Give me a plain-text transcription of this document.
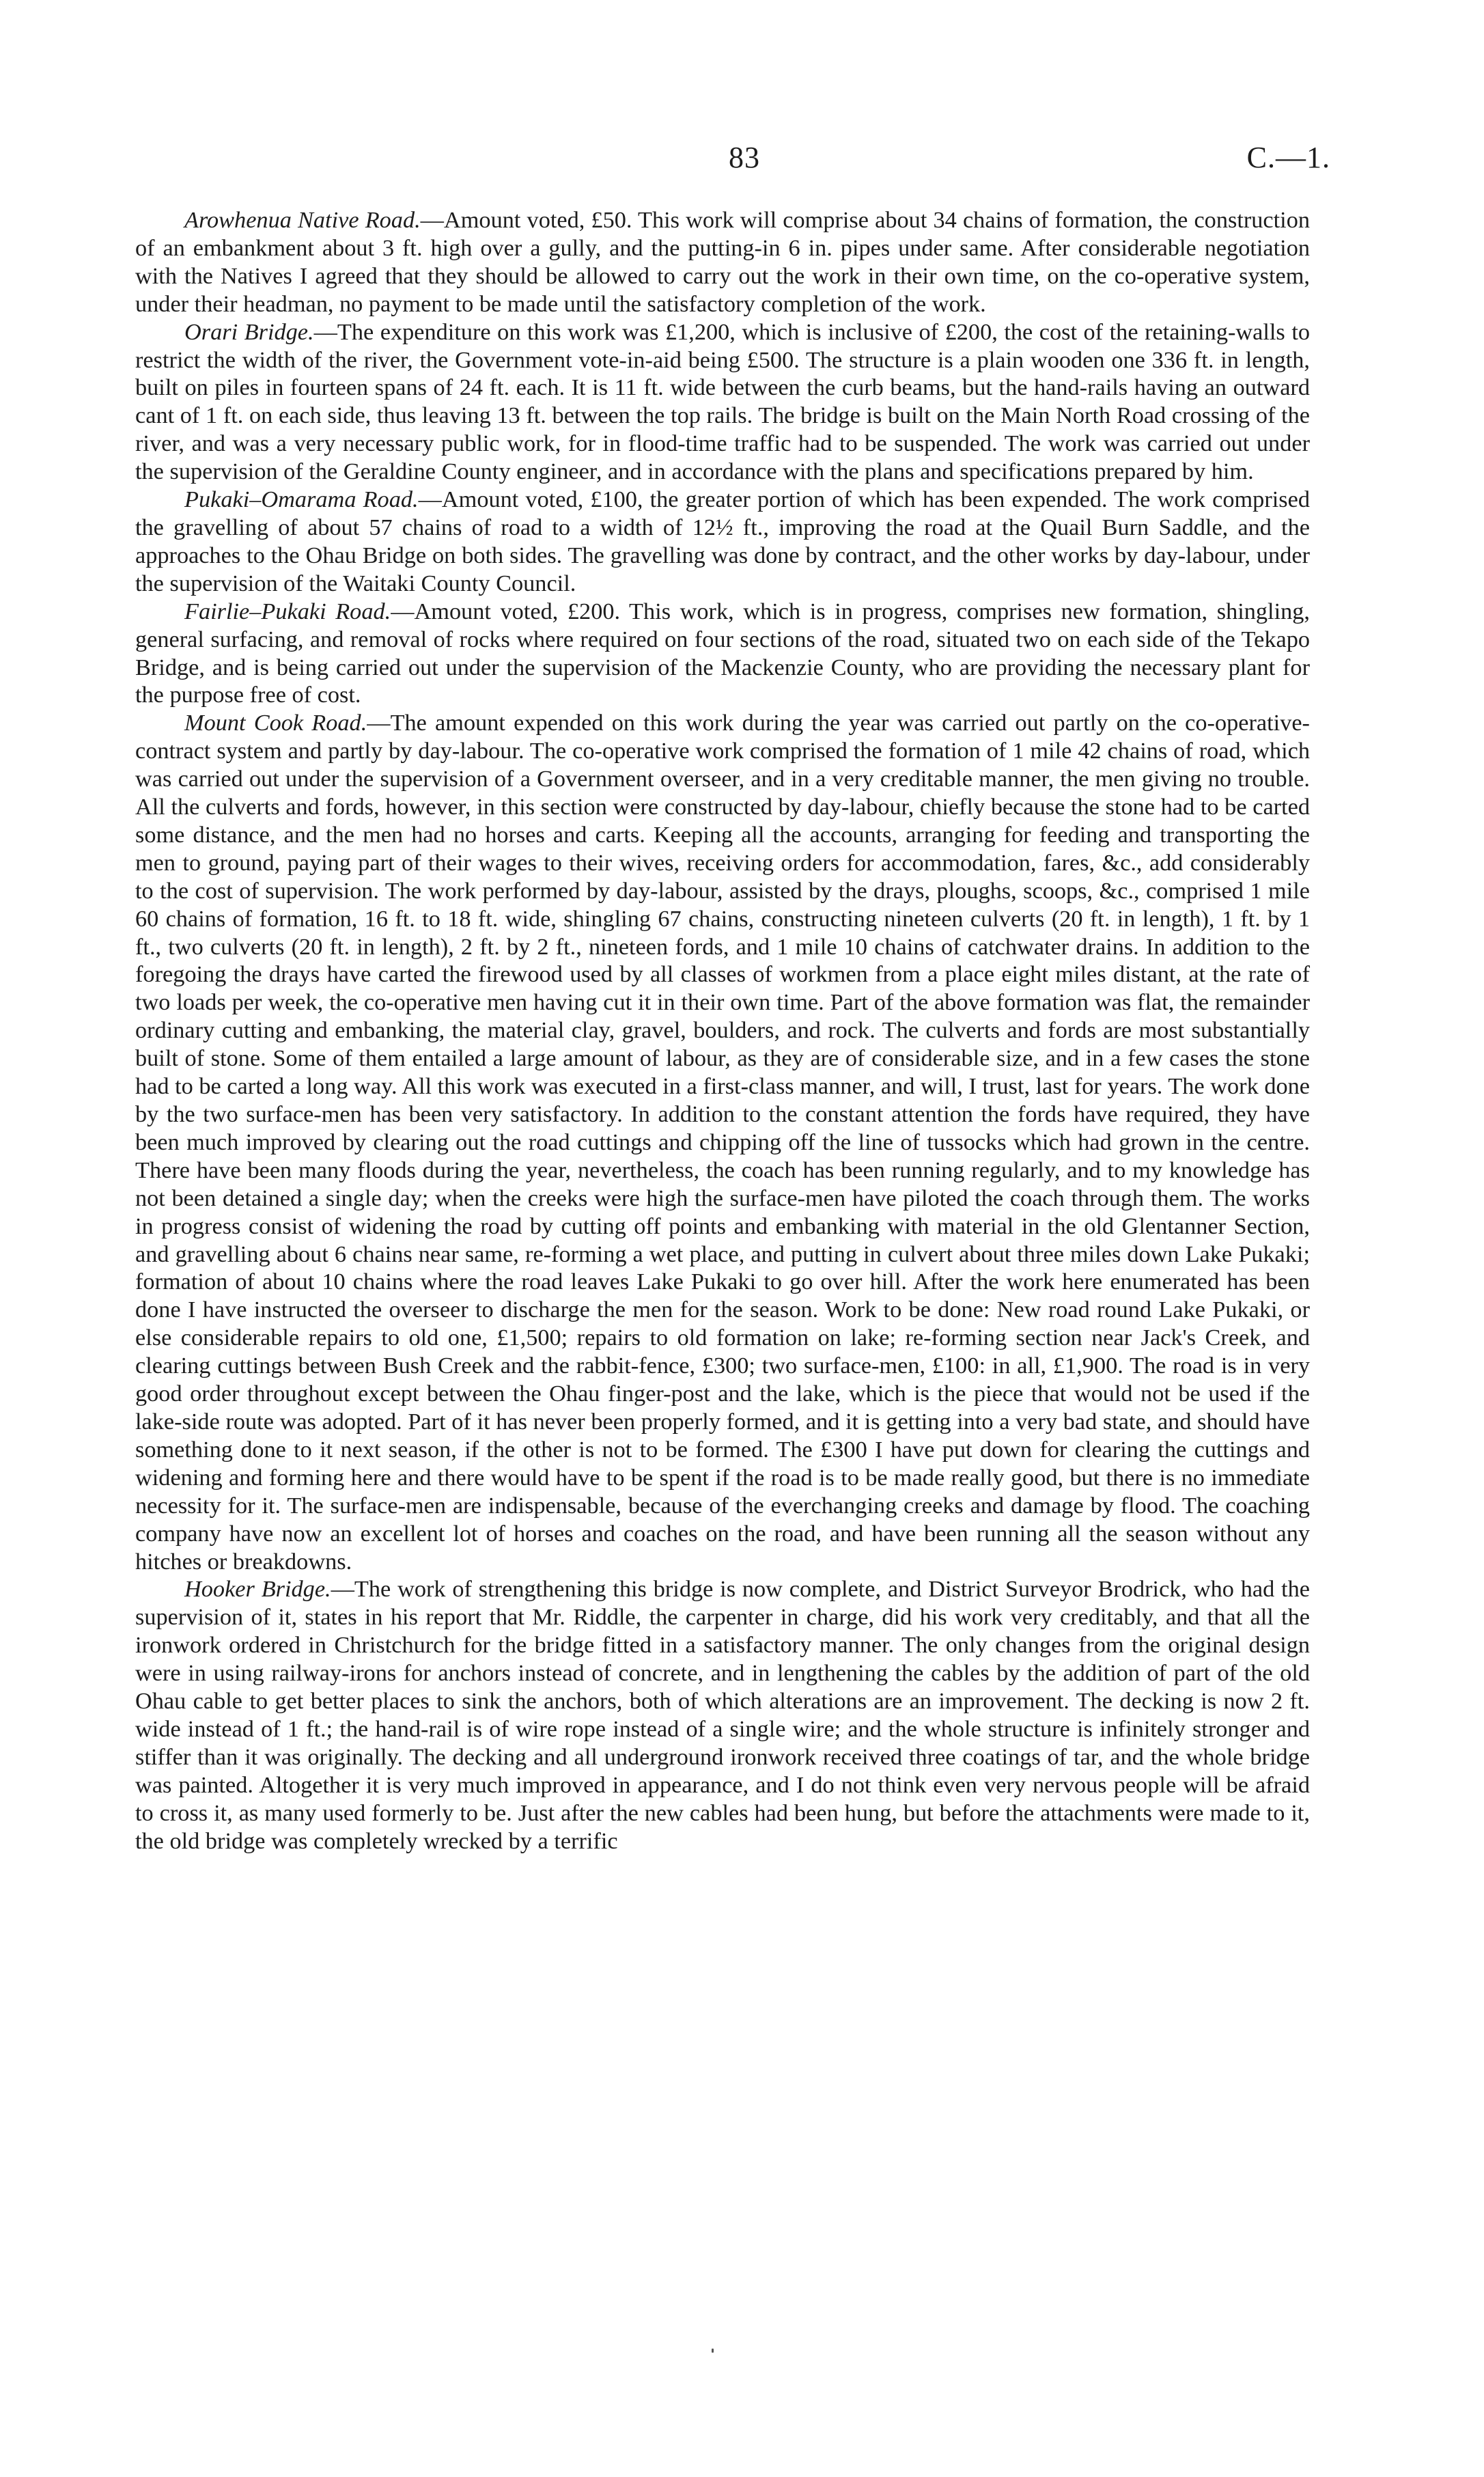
83	C.—1.

Arowhenua Native Road.—Amount voted, £50. This work will comprise about 34 chains of formation, the construction of an embankment about 3 ft. high over a gully, and the putting-in 6 in. pipes under same. After considerable negotiation with the Natives I agreed that they should be allowed to carry out the work in their own time, on the co-operative system, under their headman, no payment to be made until the satisfactory completion of the work.

Orari Bridge.—The expenditure on this work was £1,200, which is inclusive of £200, the cost of the retaining-walls to restrict the width of the river, the Government vote-in-aid being £500. The structure is a plain wooden one 336 ft. in length, built on piles in fourteen spans of 24 ft. each. It is 11 ft. wide between the curb beams, but the hand-rails having an outward cant of 1 ft. on each side, thus leaving 13 ft. between the top rails. The bridge is built on the Main North Road crossing of the river, and was a very necessary public work, for in flood-time traffic had to be suspended. The work was carried out under the supervision of the Geraldine County engineer, and in accordance with the plans and specifications prepared by him.

Pukaki–Omarama Road.—Amount voted, £100, the greater portion of which has been expended. The work comprised the gravelling of about 57 chains of road to a width of 12½ ft., improving the road at the Quail Burn Saddle, and the approaches to the Ohau Bridge on both sides. The gravelling was done by contract, and the other works by day-labour, under the supervision of the Waitaki County Council.

Fairlie–Pukaki Road.—Amount voted, £200. This work, which is in progress, comprises new formation, shingling, general surfacing, and removal of rocks where required on four sections of the road, situated two on each side of the Tekapo Bridge, and is being carried out under the supervision of the Mackenzie County, who are providing the necessary plant for the purpose free of cost.

Mount Cook Road.—The amount expended on this work during the year was carried out partly on the co-operative-contract system and partly by day-labour. The co-operative work comprised the formation of 1 mile 42 chains of road, which was carried out under the supervision of a Government overseer, and in a very creditable manner, the men giving no trouble. All the culverts and fords, however, in this section were constructed by day-labour, chiefly because the stone had to be carted some distance, and the men had no horses and carts. Keeping all the accounts, arranging for feeding and transporting the men to ground, paying part of their wages to their wives, receiving orders for accommodation, fares, &c., add considerably to the cost of supervision. The work performed by day-labour, assisted by the drays, ploughs, scoops, &c., comprised 1 mile 60 chains of formation, 16 ft. to 18 ft. wide, shingling 67 chains, constructing nineteen culverts (20 ft. in length), 1 ft. by 1 ft., two culverts (20 ft. in length), 2 ft. by 2 ft., nineteen fords, and 1 mile 10 chains of catchwater drains. In addition to the foregoing the drays have carted the firewood used by all classes of workmen from a place eight miles distant, at the rate of two loads per week, the co-operative men having cut it in their own time. Part of the above formation was flat, the remainder ordinary cutting and embanking, the material clay, gravel, boulders, and rock. The culverts and fords are most substantially built of stone. Some of them entailed a large amount of labour, as they are of considerable size, and in a few cases the stone had to be carted a long way. All this work was executed in a first-class manner, and will, I trust, last for years. The work done by the two surface-men has been very satisfactory. In addition to the constant attention the fords have required, they have been much improved by clearing out the road cuttings and chipping off the line of tussocks which had grown in the centre. There have been many floods during the year, nevertheless, the coach has been running regularly, and to my knowledge has not been detained a single day; when the creeks were high the surface-men have piloted the coach through them. The works in progress consist of widening the road by cutting off points and embanking with material in the old Glentanner Section, and gravelling about 6 chains near same, re-forming a wet place, and putting in culvert about three miles down Lake Pukaki; formation of about 10 chains where the road leaves Lake Pukaki to go over hill. After the work here enumerated has been done I have instructed the overseer to discharge the men for the season. Work to be done: New road round Lake Pukaki, or else considerable repairs to old one, £1,500; repairs to old formation on lake; re-forming section near Jack's Creek, and clearing cuttings between Bush Creek and the rabbit-fence, £300; two surface-men, £100: in all, £1,900. The road is in very good order throughout except between the Ohau finger-post and the lake, which is the piece that would not be used if the lake-side route was adopted. Part of it has never been properly formed, and it is getting into a very bad state, and should have something done to it next season, if the other is not to be formed. The £300 I have put down for clearing the cuttings and widening and forming here and there would have to be spent if the road is to be made really good, but there is no immediate necessity for it. The surface-men are indispensable, because of the everchanging creeks and damage by flood. The coaching company have now an excellent lot of horses and coaches on the road, and have been running all the season without any hitches or breakdowns.

Hooker Bridge.—The work of strengthening this bridge is now complete, and District Surveyor Brodrick, who had the supervision of it, states in his report that Mr. Riddle, the carpenter in charge, did his work very creditably, and that all the ironwork ordered in Christchurch for the bridge fitted in a satisfactory manner. The only changes from the original design were in using railway-irons for anchors instead of concrete, and in lengthening the cables by the addition of part of the old Ohau cable to get better places to sink the anchors, both of which alterations are an improvement. The decking is now 2 ft. wide instead of 1 ft.; the hand-rail is of wire rope instead of a single wire; and the whole structure is infinitely stronger and stiffer than it was originally. The decking and all underground ironwork received three coatings of tar, and the whole bridge was painted. Altogether it is very much improved in appearance, and I do not think even very nervous people will be afraid to cross it, as many used formerly to be. Just after the new cables had been hung, but before the attachments were made to it, the old bridge was completely wrecked by a terrific
